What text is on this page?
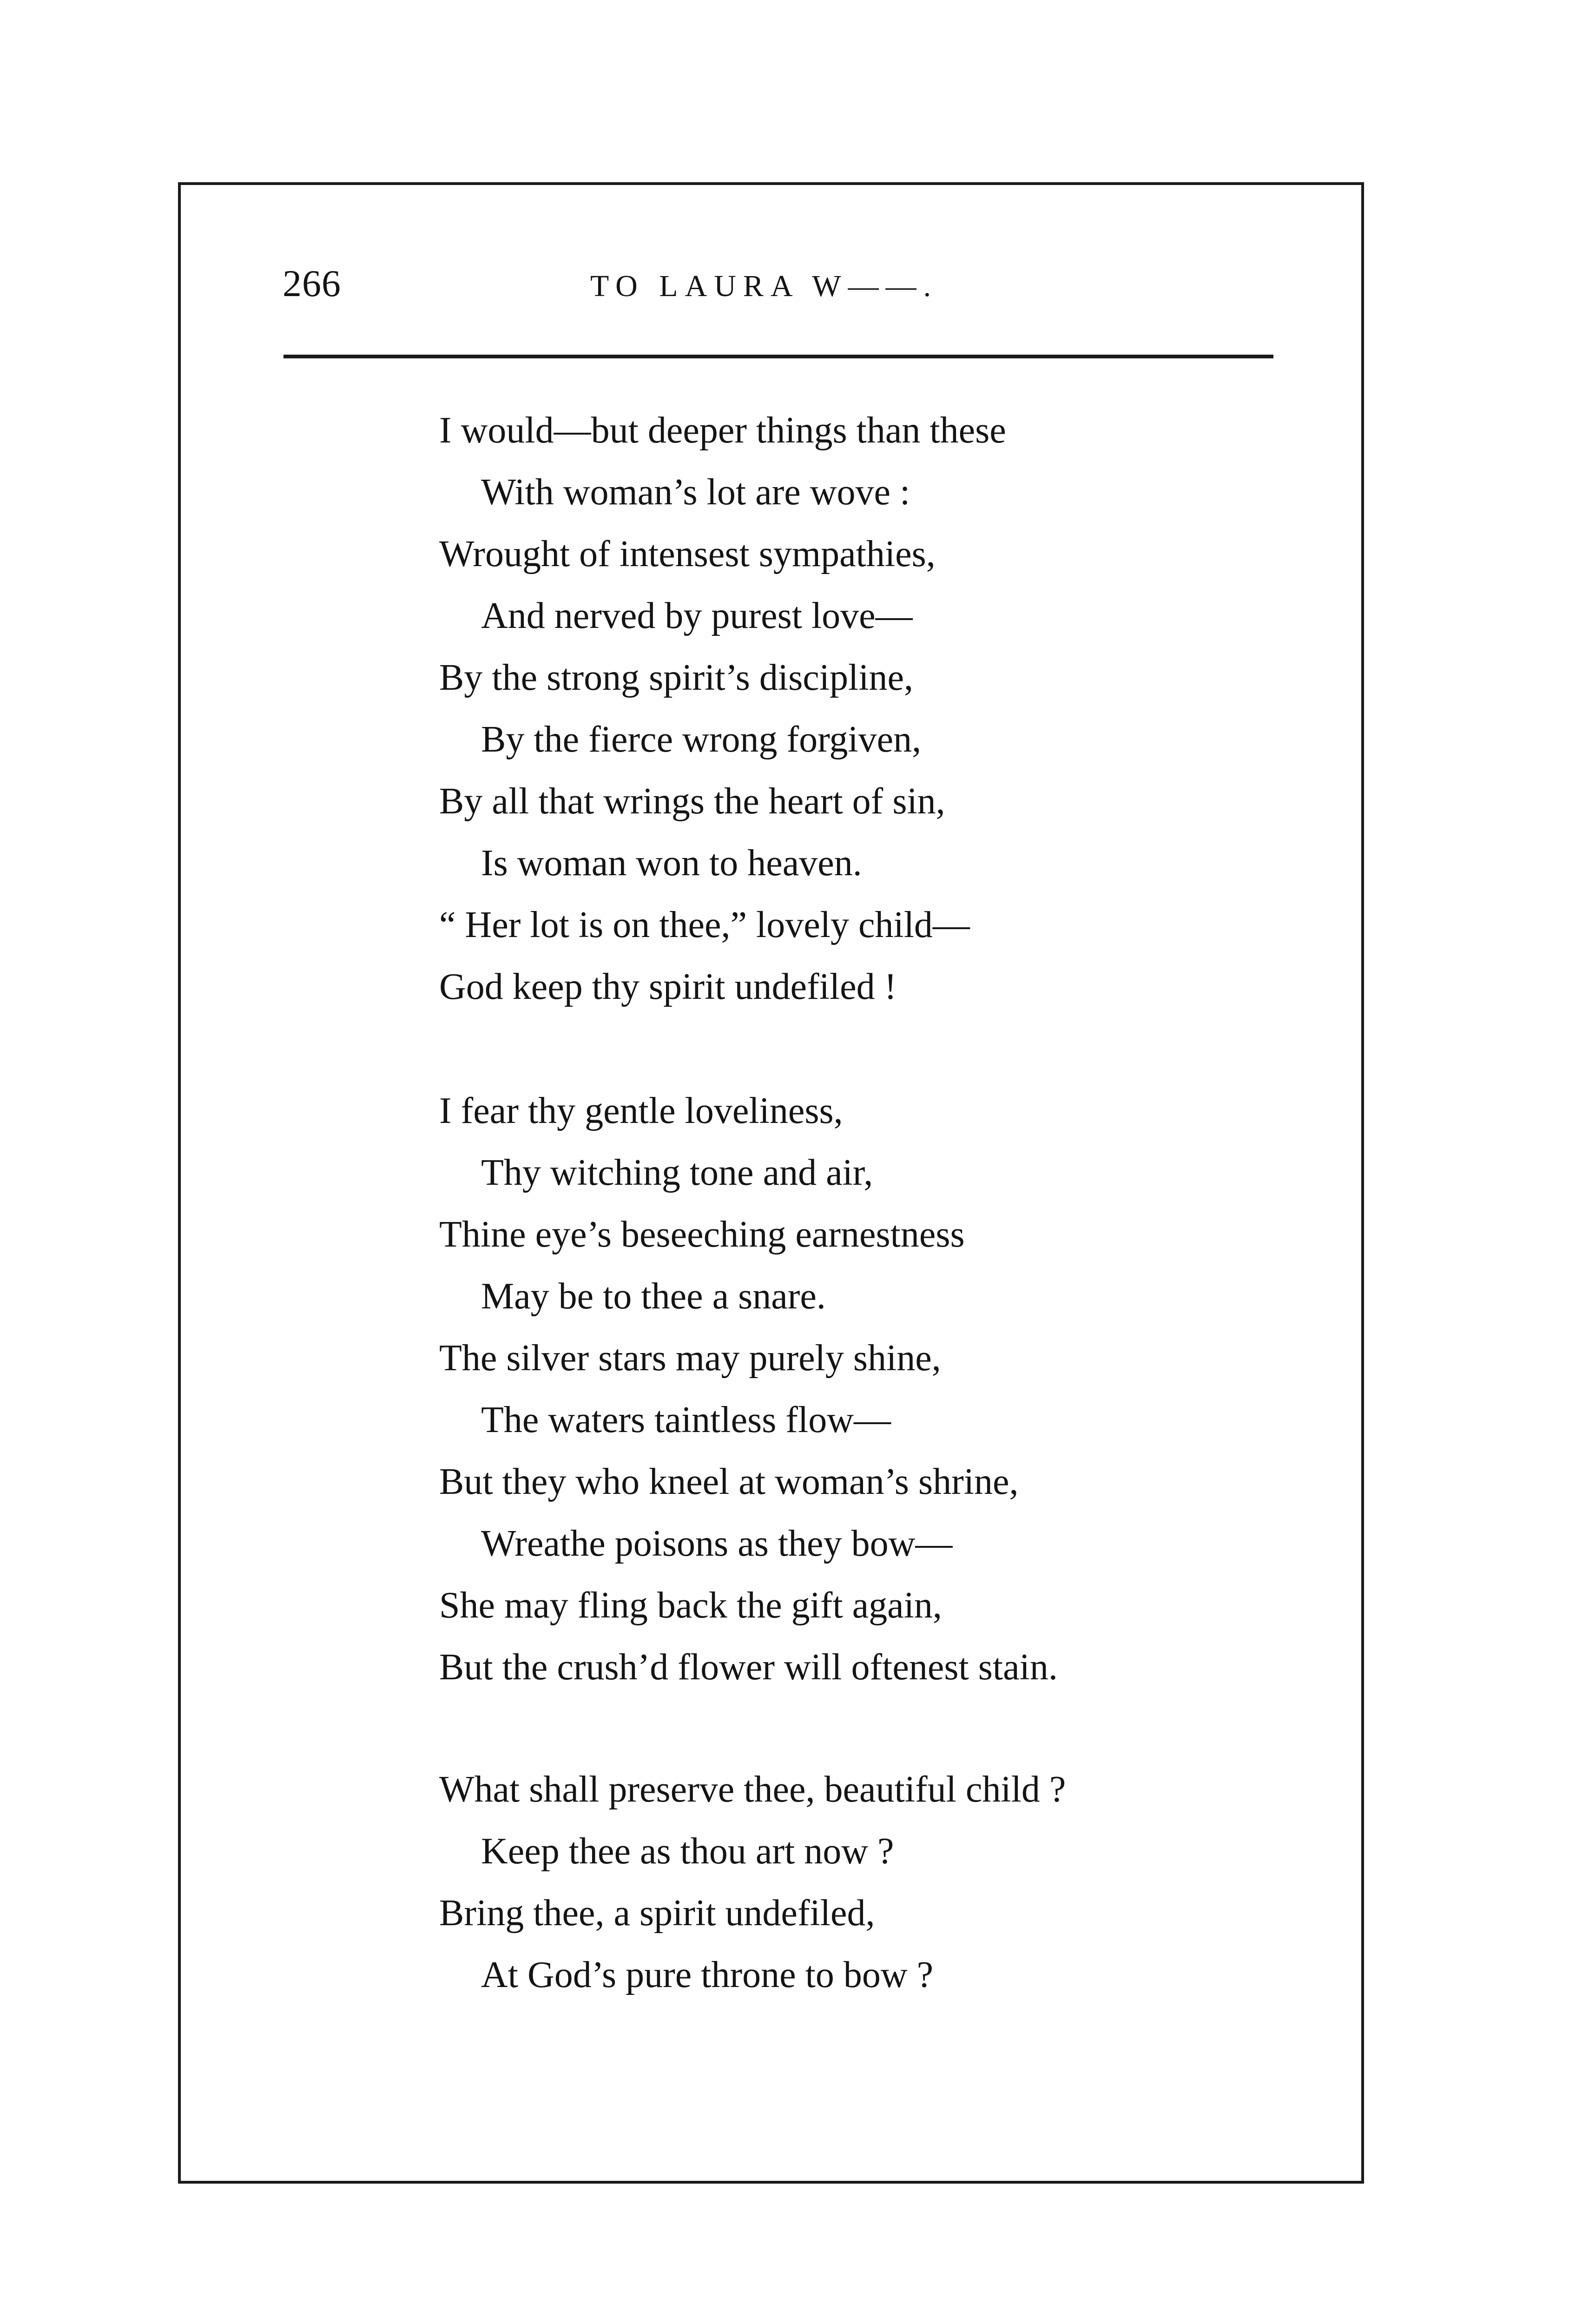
266	TO LAURA W——.
I would—but deeper things than these
With woman’s lot are wove :
Wrought of intensest sympathies,
And nerved by purest love—
By the strong spirit’s discipline,
By the fierce wrong forgiven,
By all that wrings the heart of sin,
Is woman won to heaven.
“ Her lot is on thee,” lovely child—
God keep thy spirit undefiled !
I fear thy gentle loveliness,
Thy witching tone and air,
Thine eye’s beseeching earnestness
May be to thee a snare.
The silver stars may purely shine,
The waters taintless flow—
But they who kneel at woman’s shrine,
Wreathe poisons as they bow—
She may fling back the gift again,
But the crush’d flower will oftenest stain.
What shall preserve thee, beautiful child ?
Keep thee as thou art now ?
Bring thee, a spirit undefiled,
At God’s pure throne to bow ?
